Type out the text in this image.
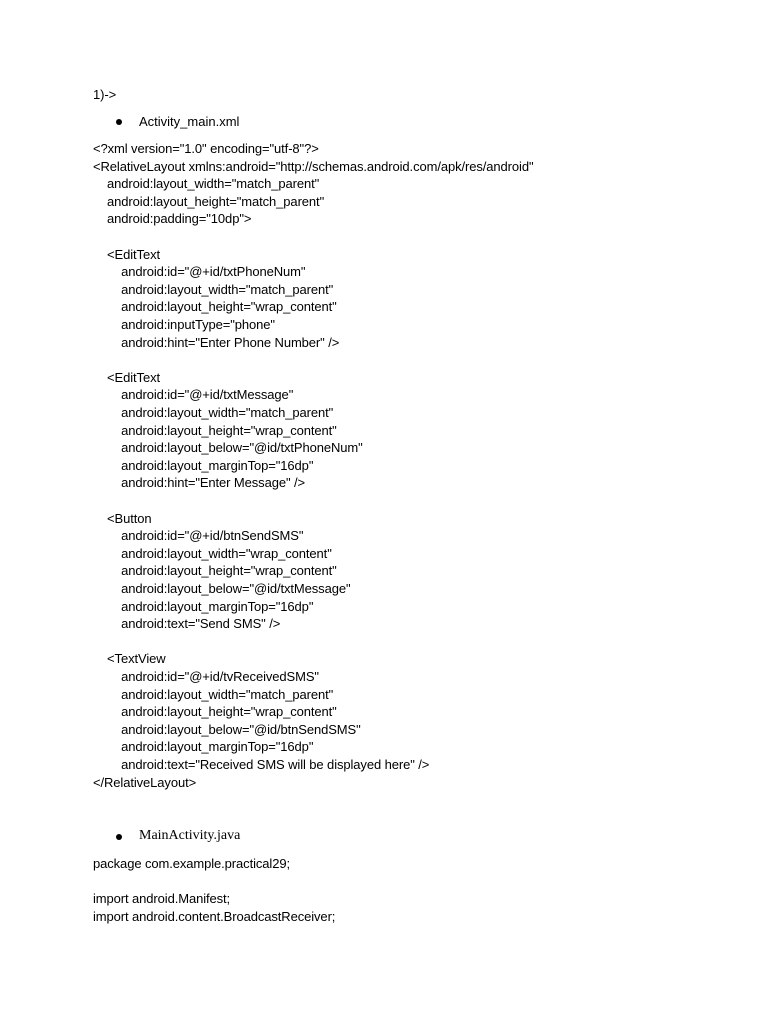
1)->
Activity_main.xml
<?xml version="1.0" encoding="utf-8"?>
<RelativeLayout xmlns:android="http://schemas.android.com/apk/res/android"
android:layout_width="match_parent"
android:layout_height="match_parent"
android:padding="10dp">
<EditText
android:id="@+id/txtPhoneNum"
android:layout_width="match_parent"
android:layout_height="wrap_content"
android:inputType="phone"
android:hint="Enter Phone Number" />
<EditText
android:id="@+id/txtMessage"
android:layout_width="match_parent"
android:layout_height="wrap_content"
android:layout_below="@id/txtPhoneNum"
android:layout_marginTop="16dp"
android:hint="Enter Message" />
<Button
android:id="@+id/btnSendSMS"
android:layout_width="wrap_content"
android:layout_height="wrap_content"
android:layout_below="@id/txtMessage"
android:layout_marginTop="16dp"
android:text="Send SMS" />
<TextView
android:id="@+id/tvReceivedSMS"
android:layout_width="match_parent"
android:layout_height="wrap_content"
android:layout_below="@id/btnSendSMS"
android:layout_marginTop="16dp"
android:text="Received SMS will be displayed here" />
</RelativeLayout>
MainActivity.java
package com.example.practical29;
import android.Manifest;
import android.content.BroadcastReceiver;
